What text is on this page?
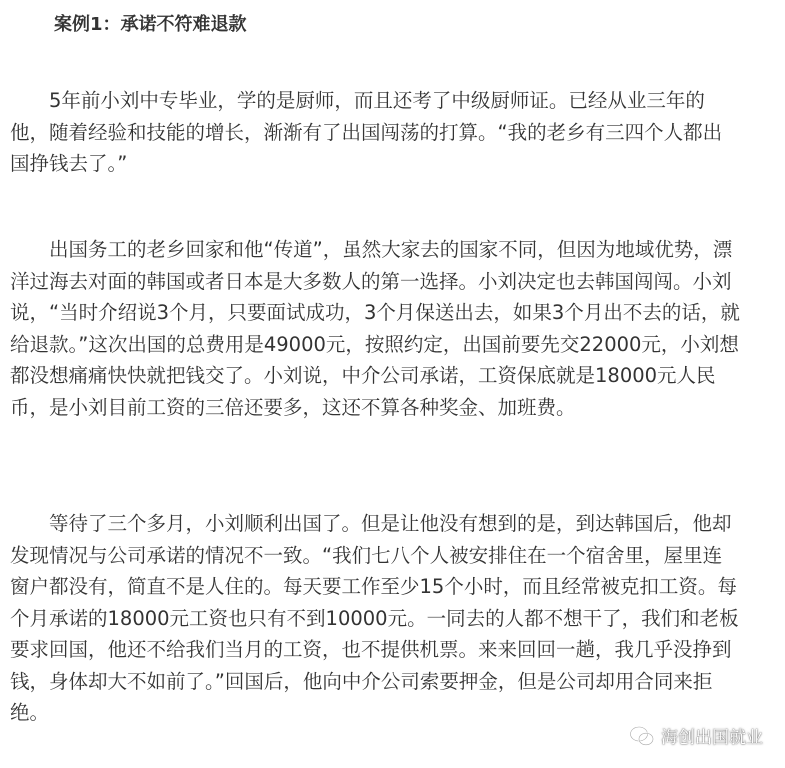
案例1：承诺不符难退款

　　5年前小刘中专毕业，学的是厨师，而且还考了中级厨师证。已经从业三年的
他，随着经验和技能的增长，渐渐有了出国闯荡的打算。“我的老乡有三四个人都出
国挣钱去了。”

　　出国务工的老乡回家和他“传道”，虽然大家去的国家不同，但因为地域优势，漂
洋过海去对面的韩国或者日本是大多数人的第一选择。小刘决定也去韩国闯闯。小刘
说，“当时介绍说3个月，只要面试成功，3个月保送出去，如果3个月出不去的话，就
给退款。”这次出国的总费用是49000元，按照约定，出国前要先交22000元，小刘想
都没想痛痛快快就把钱交了。小刘说，中介公司承诺，工资保底就是18000元人民
币，是小刘目前工资的三倍还要多，这还不算各种奖金、加班费。

　　等待了三个多月，小刘顺利出国了。但是让他没有想到的是，到达韩国后，他却
发现情况与公司承诺的情况不一致。“我们七八个人被安排住在一个宿舍里，屋里连
窗户都没有，简直不是人住的。每天要工作至少15个小时，而且经常被克扣工资。每
个月承诺的18000元工资也只有不到10000元。一同去的人都不想干了，我们和老板
要求回国，他还不给我们当月的工资，也不提供机票。来来回回一趟，我几乎没挣到
钱，身体却大不如前了。”回国后，他向中介公司索要押金，但是公司却用合同来拒
绝。

海创出国就业
